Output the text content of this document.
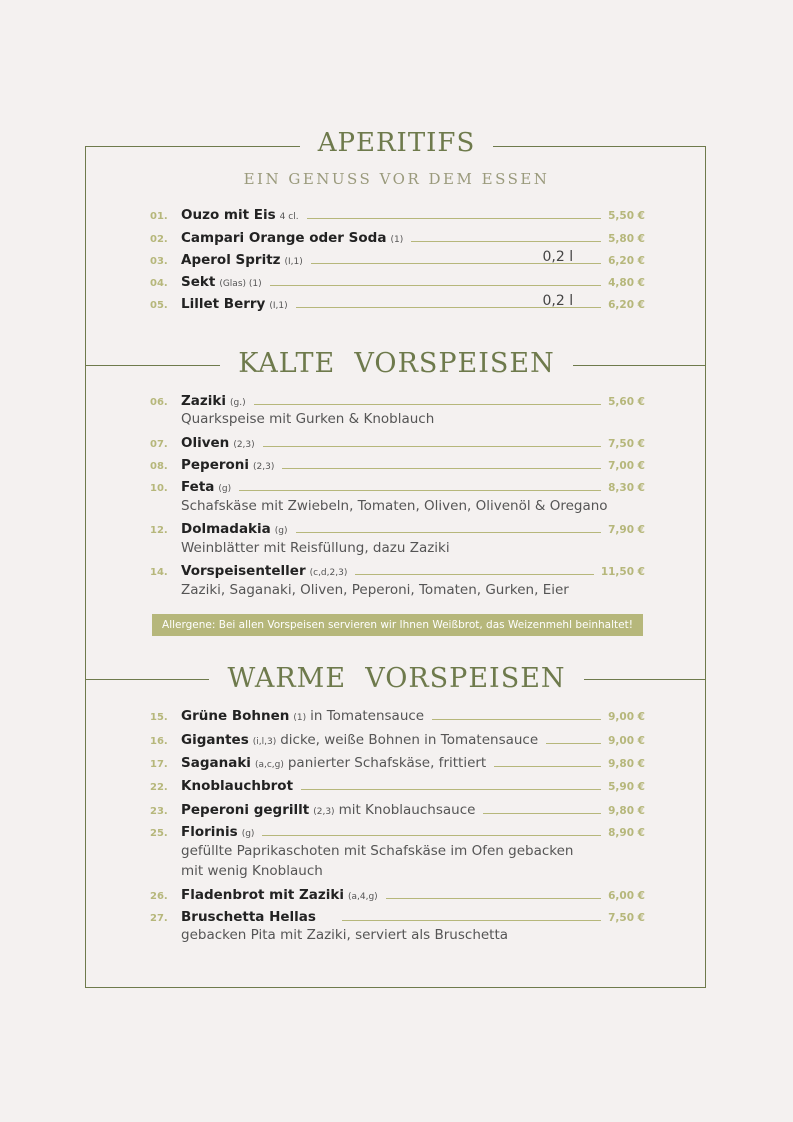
APERITIFS
EIN GENUSS VOR DEM ESSEN
01. Ouzo mit Eis 4 cl.	5,50 €
02. Campari Orange oder Soda (1)	5,80 €
03. Aperol Spritz (I,1)	0,2 l	6,20 €
04. Sekt (Glas) (1)	4,80 €
05. Lillet Berry (I,1)	0,2 l	6,20 €
KALTE  VORSPEISEN
06. Zaziki (g.)	5,60 €
Quarkspeise mit Gurken & Knoblauch
07. Oliven (2,3)	7,50 €
08. Peperoni (2,3)	7,00 €
10. Feta (g)	8,30 €
Schafskäse mit Zwiebeln, Tomaten, Oliven, Olivenöl & Oregano
12. Dolmadakia (g)	7,90 €
Weinblätter mit Reisfüllung, dazu Zaziki
14. Vorspeisenteller (c,d,2,3)	11,50 €
Zaziki, Saganaki, Oliven, Peperoni, Tomaten, Gurken, Eier
Allergene: Bei allen Vorspeisen servieren wir Ihnen Weißbrot, das Weizenmehl beinhaltet!
WARME  VORSPEISEN
15. Grüne Bohnen (1) in Tomatensauce	9,00 €
16. Gigantes (i,l,3) dicke, weiße Bohnen in Tomatensauce	9,00 €
17. Saganaki (a,c,g) panierter Schafskäse, frittiert	9,80 €
22. Knoblauchbrot	5,90 €
23. Peperoni gegrillt (2,3) mit Knoblauchsauce	9,80 €
25. Florinis (g)	8,90 €
gefüllte Paprikaschoten mit Schafskäse im Ofen gebacken
mit wenig Knoblauch
26. Fladenbrot mit Zaziki (a,4,g)	6,00 €
27. Bruschetta Hellas	7,50 €
gebacken Pita mit Zaziki, serviert als Bruschetta
